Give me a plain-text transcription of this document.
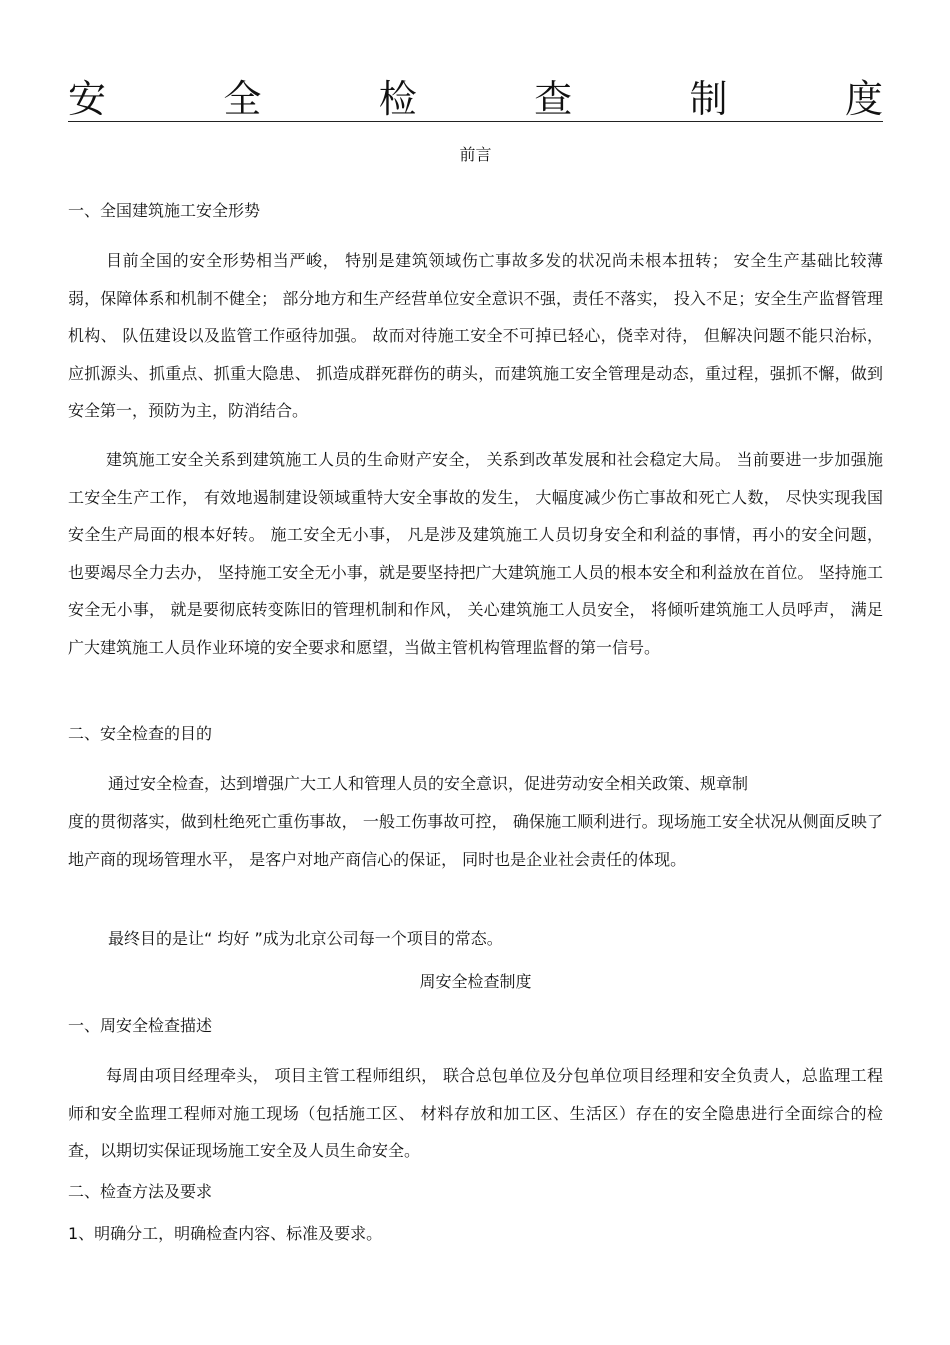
安	全	检	查	制	度
前言
一、全国建筑施工安全形势

目前全国的安全形势相当严峻， 特别是建筑领域伤亡事故多发的状况尚未根本扭转； 安全生产基础比较薄弱，保障体系和机制不健全； 部分地方和生产经营单位安全意识不强，责任不落实， 投入不足；安全生产监督管理机构、 队伍建设以及监管工作亟待加强。 故而对待施工安全不可掉已轻心，侥幸对待， 但解决问题不能只治标， 应抓源头、抓重点、抓重大隐患、 抓造成群死群伤的萌头，而建筑施工安全管理是动态，重过程，强抓不懈，做到安全第一，预防为主，防消结合。

建筑施工安全关系到建筑施工人员的生命财产安全， 关系到改革发展和社会稳定大局。 当前要进一步加强施工安全生产工作， 有效地遏制建设领域重特大安全事故的发生， 大幅度减少伤亡事故和死亡人数， 尽快实现我国安全生产局面的根本好转。 施工安全无小事， 凡是涉及建筑施工人员切身安全和利益的事情，再小的安全问题， 也要竭尽全力去办， 坚持施工安全无小事，就是要坚持把广大建筑施工人员的根本安全和利益放在首位。 坚持施工安全无小事， 就是要彻底转变陈旧的管理机制和作风， 关心建筑施工人员安全， 将倾听建筑施工人员呼声， 满足广大建筑施工人员作业环境的安全要求和愿望，当做主管机构管理监督的第一信号。

二、安全检查的目的
通过安全检查，达到增强广大工人和管理人员的安全意识，促进劳动安全相关政策、规章制

度的贯彻落实，做到杜绝死亡重伤事故， 一般工伤事故可控， 确保施工顺利进行。现场施工安全状况从侧面反映了地产商的现场管理水平， 是客户对地产商信心的保证， 同时也是企业社会责任的体现。

最终目的是让“ 均好 ”成为北京公司每一个项目的常态。
周安全检查制度
一、周安全检查描述

每周由项目经理牵头， 项目主管工程师组织， 联合总包单位及分包单位项目经理和安全负责人，总监理工程师和安全监理工程师对施工现场（包括施工区、 材料存放和加工区、生活区）存在的安全隐患进行全面综合的检查，以期切实保证现场施工安全及人员生命安全。

二、检查方法及要求
1、明确分工，明确检查内容、标准及要求。
